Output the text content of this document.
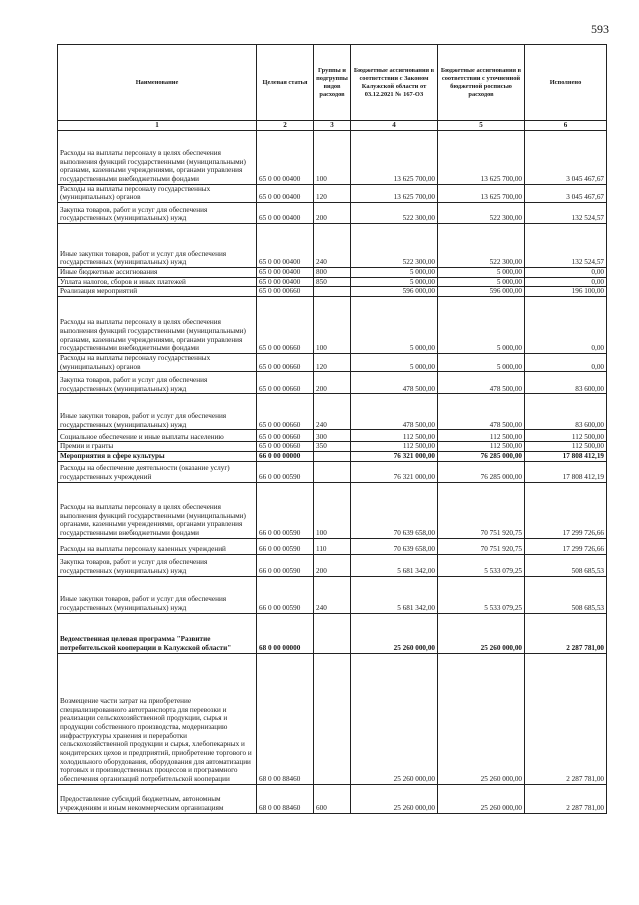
593
Наименование	Целевая статья	Группы и подгруппы видов расходов	Бюджетные ассигнования в соответствии с Законом Калужской области от 03.12.2021 № 167-ОЗ	Бюджетные ассигнования в соответствии с уточненной бюджетной росписью расходов	Исполнено
1	2	3	4	5	6
Расходы на выплаты персоналу в целях обеспечения выполнения функций государственными (муниципальными) органами, казенными учреждениями, органами управления государственными внебюджетными фондами	65 0 00 00400	100	13 625 700,00	13 625 700,00	3 045 467,67
Расходы на выплаты персоналу государственных (муниципальных) органов	65 0 00 00400	120	13 625 700,00	13 625 700,00	3 045 467,67
Закупка товаров, работ и услуг для обеспечения государственных (муниципальных) нужд	65 0 00 00400	200	522 300,00	522 300,00	132 524,57
Иные закупки товаров, работ и услуг для обеспечения государственных (муниципальных) нужд	65 0 00 00400	240	522 300,00	522 300,00	132 524,57
Иные бюджетные ассигнования	65 0 00 00400	800	5 000,00	5 000,00	0,00
Уплата налогов, сборов и иных платежей	65 0 00 00400	850	5 000,00	5 000,00	0,00
Реализация мероприятий	65 0 00 00660		596 000,00	596 000,00	196 100,00
Расходы на выплаты персоналу в целях обеспечения выполнения функций государственными (муниципальными) органами, казенными учреждениями, органами управления государственными внебюджетными фондами	65 0 00 00660	100	5 000,00	5 000,00	0,00
Расходы на выплаты персоналу государственных (муниципальных) органов	65 0 00 00660	120	5 000,00	5 000,00	0,00
Закупка товаров, работ и услуг для обеспечения государственных (муниципальных) нужд	65 0 00 00660	200	478 500,00	478 500,00	83 600,00
Иные закупки товаров, работ и услуг для обеспечения государственных (муниципальных) нужд	65 0 00 00660	240	478 500,00	478 500,00	83 600,00
Социальное обеспечение и иные выплаты населению	65 0 00 00660	300	112 500,00	112 500,00	112 500,00
Премии и гранты	65 0 00 00660	350	112 500,00	112 500,00	112 500,00
Мероприятия в сфере культуры	66 0 00 00000		76 321 000,00	76 285 000,00	17 808 412,19
Расходы на обеспечение деятельности (оказание услуг) государственных учреждений	66 0 00 00590		76 321 000,00	76 285 000,00	17 808 412,19
Расходы на выплаты персоналу в целях обеспечения выполнения функций государственными (муниципальными) органами, казенными учреждениями, органами управления государственными внебюджетными фондами	66 0 00 00590	100	70 639 658,00	70 751 920,75	17 299 726,66
Расходы на выплаты персоналу казенных учреждений	66 0 00 00590	110	70 639 658,00	70 751 920,75	17 299 726,66
Закупка товаров, работ и услуг для обеспечения государственных (муниципальных) нужд	66 0 00 00590	200	5 681 342,00	5 533 079,25	508 685,53
Иные закупки товаров, работ и услуг для обеспечения государственных (муниципальных) нужд	66 0 00 00590	240	5 681 342,00	5 533 079,25	508 685,53
Ведомственная целевая программа "Развитие потребительской кооперации в Калужской области"	68 0 00 00000		25 260 000,00	25 260 000,00	2 287 781,00
Возмещение части затрат на приобретение специализированного автотранспорта для перевозки и реализации сельскохозяйственной продукции, сырья и продукции собственного производства, модернизацию инфраструктуры хранения и переработки сельскохозяйственной продукции и сырья, хлебопекарных и кондитерских цехов и предприятий, приобретение торгового и холодильного оборудования, оборудования для автоматизации торговых и производственных процессов и программного обеспечения организаций потребительской кооперации	68 0 00 88460		25 260 000,00	25 260 000,00	2 287 781,00
Предоставление субсидий бюджетным, автономным учреждениям и иным некоммерческим организациям	68 0 00 88460	600	25 260 000,00	25 260 000,00	2 287 781,00
